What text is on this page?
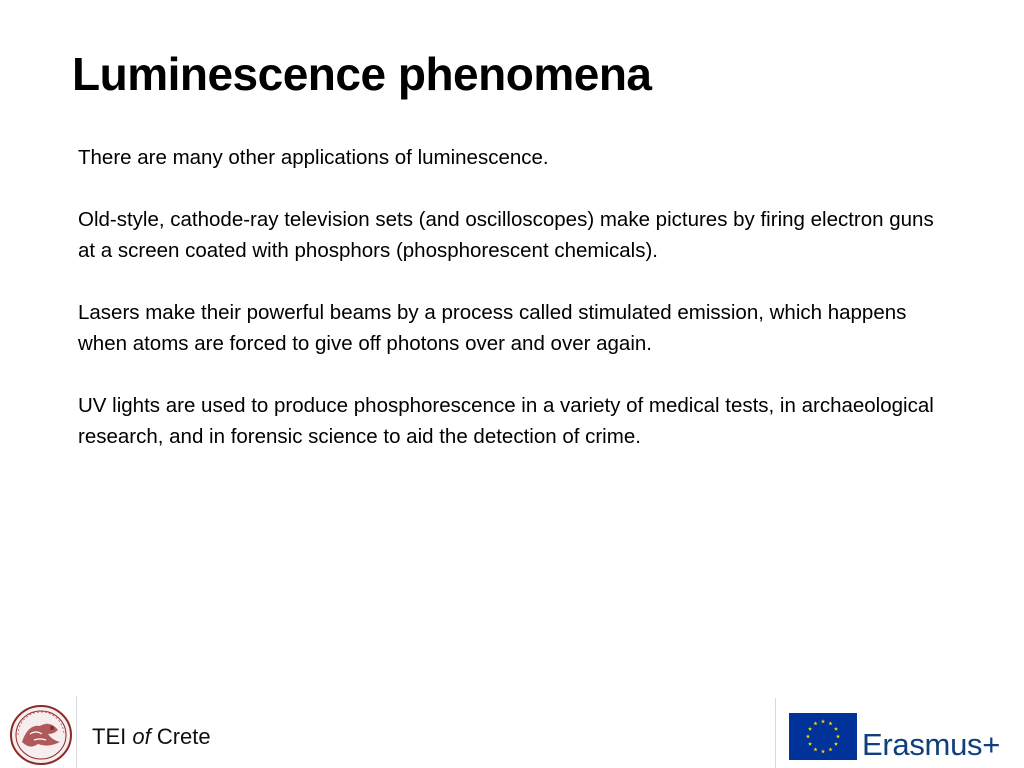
Luminescence phenomena

There are many other applications of luminescence.

Old-style, cathode-ray television sets (and oscilloscopes) make pictures by firing electron guns at a screen coated with phosphors (phosphorescent chemicals).

Lasers make their powerful beams by a process called stimulated emission, which happens when atoms are forced to give off photons over and over again.

UV lights are used to produce phosphorescence in a variety of medical tests, in archaeological research, and in forensic science to aid the detection of crime.

TEI of Crete	Erasmus+
